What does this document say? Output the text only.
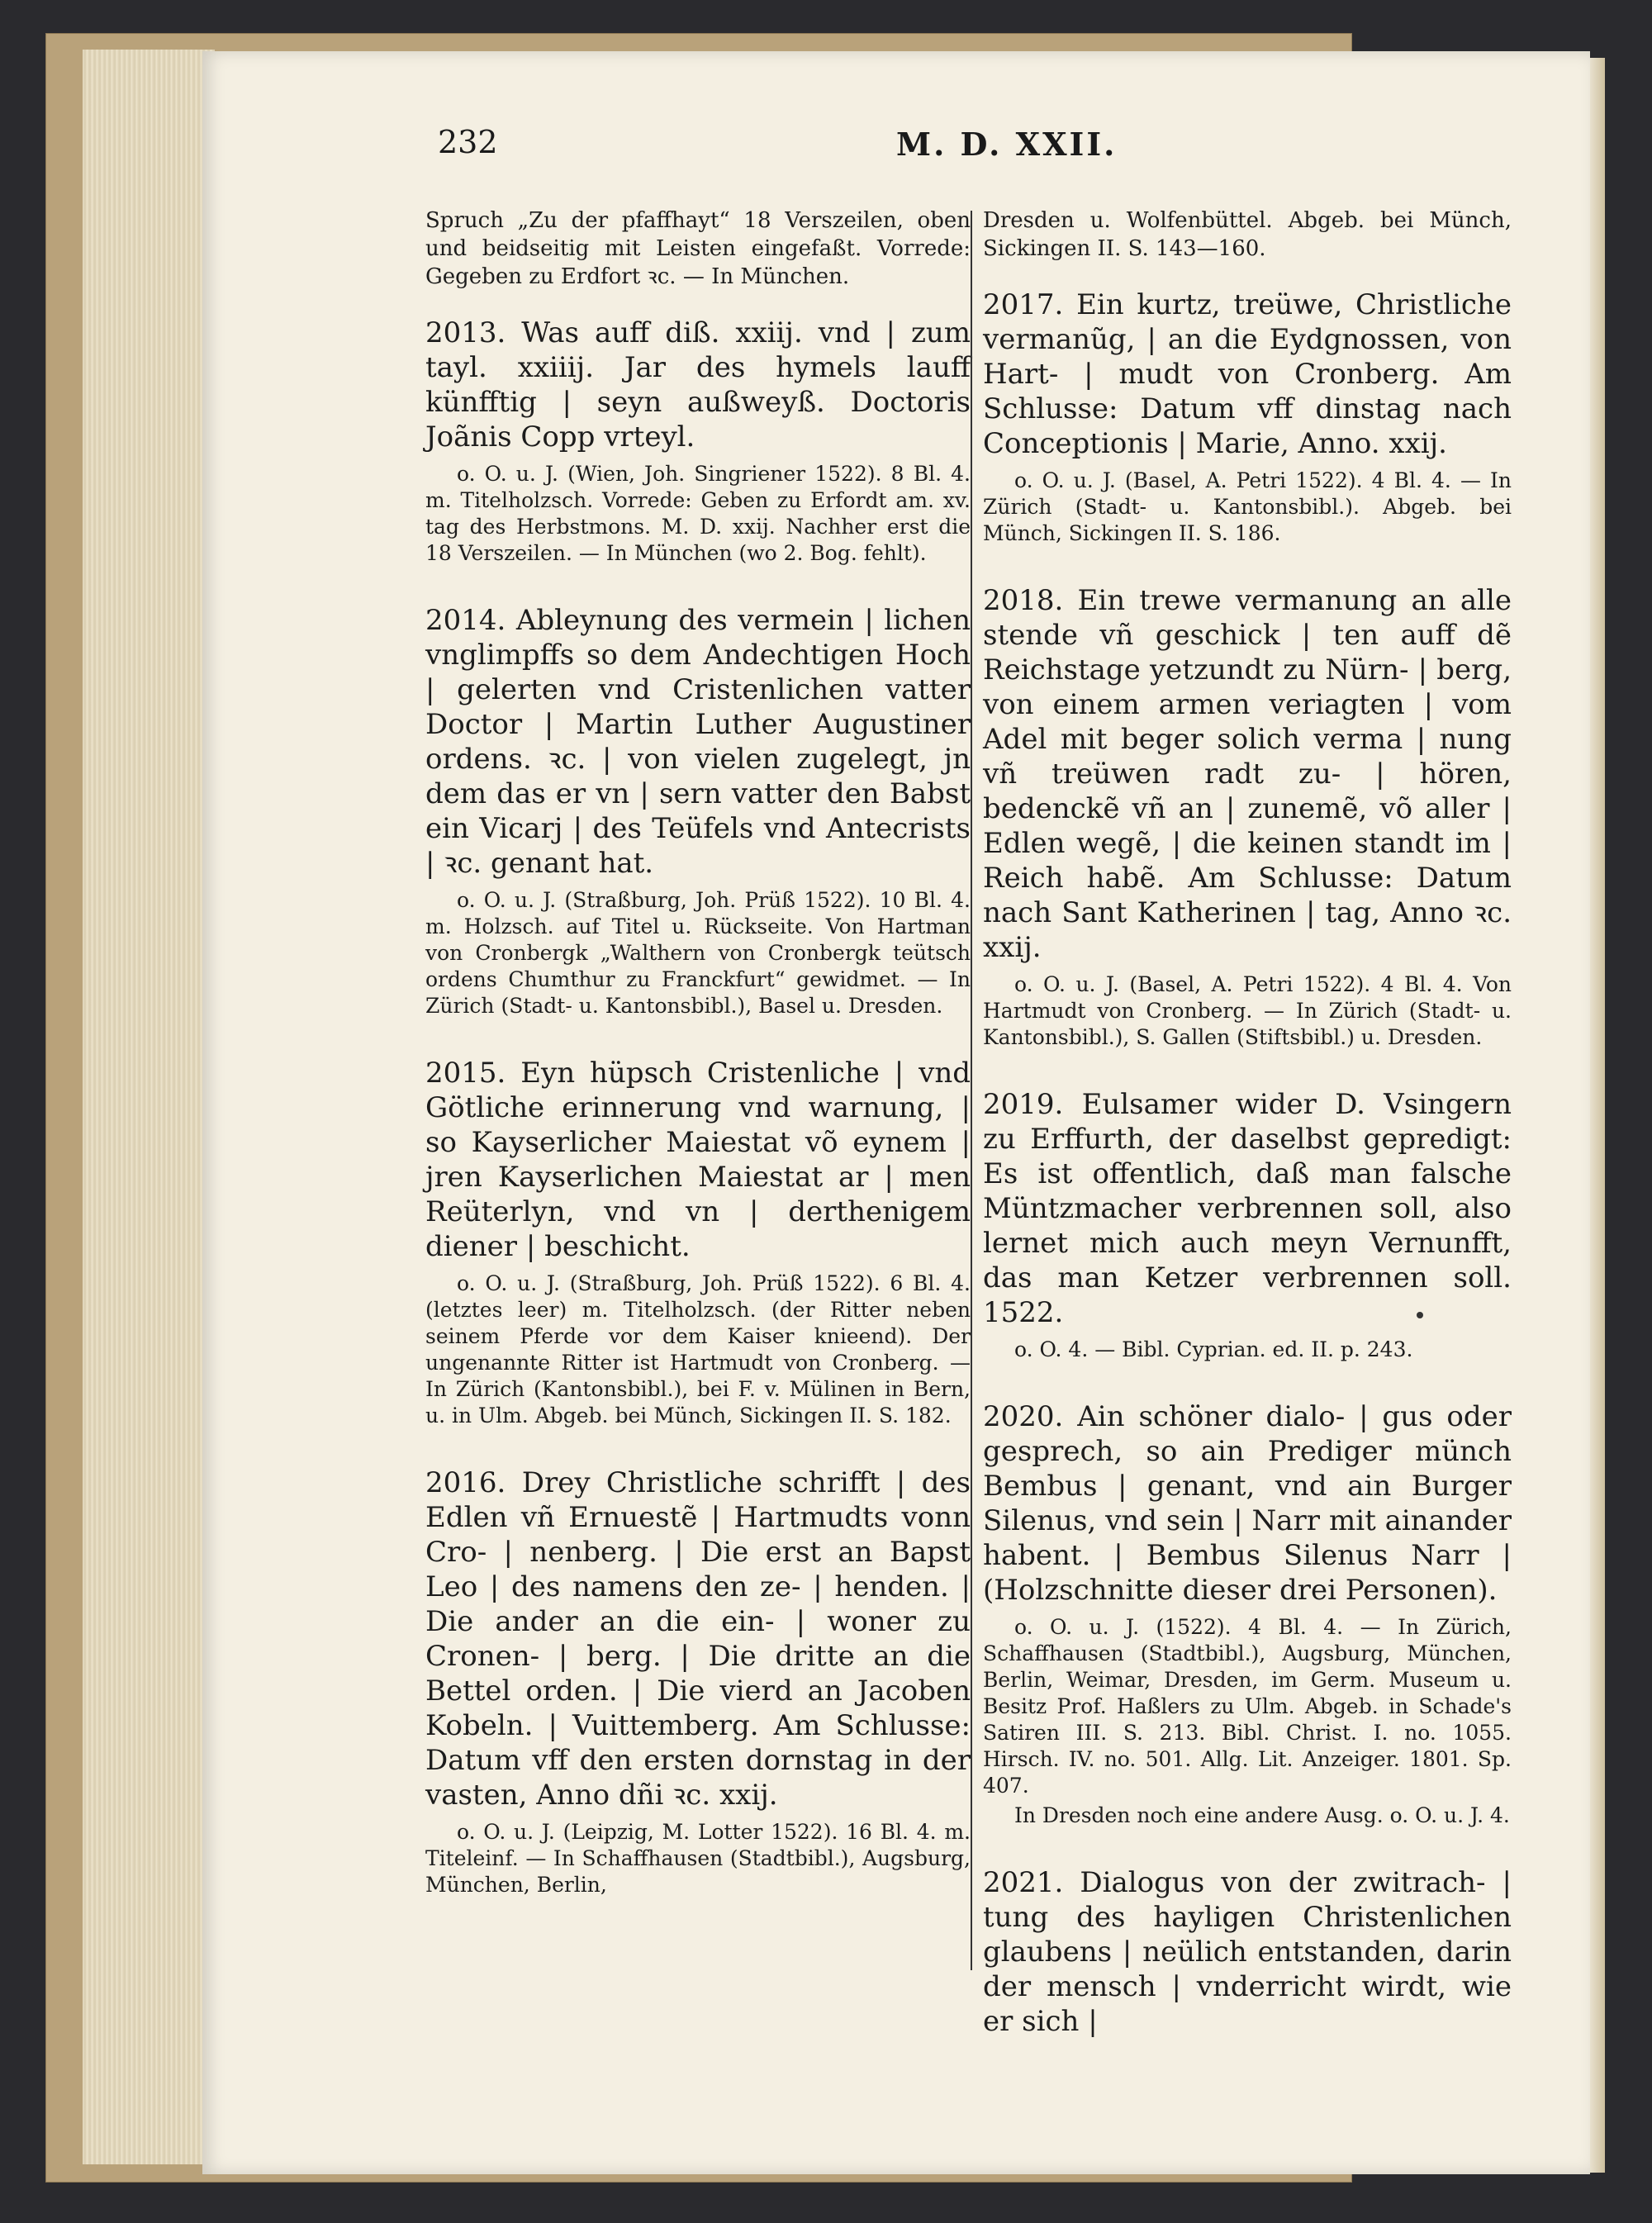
232	M. D. XXII.

Spruch „Zu der pfaffhayt“ 18 Verszeilen, oben und beidseitig mit Leisten eingefaßt. Vorrede: Gegeben zu Erdfort ꝛc. — In München.

2013. Was auff diß. xxiij. vnd | zum tayl. xxiiij. Jar des hymels lauff künfftig | seyn außweyß. Doctoris Joãnis Copp vrteyl.

o. O. u. J. (Wien, Joh. Singriener 1522). 8 Bl. 4. m. Titelholzsch. Vorrede: Geben zu Erfordt am. xv. tag des Herbstmons. M. D. xxij. Nachher erst die 18 Verszeilen. — In München (wo 2. Bog. fehlt).

2014. Ableynung des vermein | lichen vnglimpffs so dem Andechtigen Hoch | gelerten vnd Cristenlichen vatter Doctor | Martin Luther Augustiner ordens. ꝛc. | von vielen zugelegt, jn dem das er vn | sern vatter den Babst ein Vicarj | des Teüfels vnd Antecrists | ꝛc. genant hat.

o. O. u. J. (Straßburg, Joh. Prüß 1522). 10 Bl. 4. m. Holzsch. auf Titel u. Rückseite. Von Hartman von Cronbergk „Walthern von Cronbergk teütsch ordens Chumthur zu Franckfurt“ gewidmet. — In Zürich (Stadt- u. Kantonsbibl.), Basel u. Dresden.

2015. Eyn hüpsch Cristenliche | vnd Götliche erinnerung vnd warnung, | so Kayserlicher Maiestat võ eynem | jren Kayserlichen Maiestat ar | men Reüterlyn, vnd vn | derthenigem diener | beschicht.

o. O. u. J. (Straßburg, Joh. Prüß 1522). 6 Bl. 4. (letztes leer) m. Titelholzsch. (der Ritter neben seinem Pferde vor dem Kaiser knieend). Der ungenannte Ritter ist Hartmudt von Cronberg. — In Zürich (Kantonsbibl.), bei F. v. Mülinen in Bern, u. in Ulm. Abgeb. bei Münch, Sickingen II. S. 182.

2016. Drey Christliche schrifft | des Edlen vñ Ernuestẽ | Hartmudts vonn Cro- | nenberg. | Die erst an Bapst Leo | des namens den ze- | henden. | Die ander an die ein- | woner zu Cronen- | berg. | Die dritte an die Bettel orden. | Die vierd an Jacoben Kobeln. | Vuittemberg. Am Schlusse: Datum vff den ersten dornstag in der vasten, Anno dñi ꝛc. xxij.

o. O. u. J. (Leipzig, M. Lotter 1522). 16 Bl. 4. m. Titeleinf. — In Schaffhausen (Stadtbibl.), Augsburg, München, Berlin,

Dresden u. Wolfenbüttel. Abgeb. bei Münch, Sickingen II. S. 143—160.

2017. Ein kurtz, treüwe, Christliche vermanũg, | an die Eydgnossen, von Hart- | mudt von Cronberg. Am Schlusse: Datum vff dinstag nach Conceptionis | Marie, Anno. xxij.

o. O. u. J. (Basel, A. Petri 1522). 4 Bl. 4. — In Zürich (Stadt- u. Kantonsbibl.). Abgeb. bei Münch, Sickingen II. S. 186.

2018. Ein trewe vermanung an alle stende vñ geschick | ten auff dẽ Reichstage yetzundt zu Nürn- | berg, von einem armen veriagten | vom Adel mit beger solich verma | nung vñ treüwen radt zu- | hören, bedenckẽ vñ an | zunemẽ, võ aller | Edlen wegẽ, | die keinen standt im | Reich habẽ. Am Schlusse: Datum nach Sant Katherinen | tag, Anno ꝛc. xxij.

o. O. u. J. (Basel, A. Petri 1522). 4 Bl. 4. Von Hartmudt von Cronberg. — In Zürich (Stadt- u. Kantonsbibl.), S. Gallen (Stiftsbibl.) u. Dresden.

2019. Eulsamer wider D. Vsingern zu Erffurth, der daselbst gepredigt: Es ist offentlich, daß man falsche Müntzmacher verbrennen soll, also lernet mich auch meyn Vernunfft, das man Ketzer verbrennen soll. 1522.

o. O. 4. — Bibl. Cyprian. ed. II. p. 243.

2020. Ain schöner dialo- | gus oder gesprech, so ain Prediger münch Bembus | genant, vnd ain Burger Silenus, vnd sein | Narr mit ainander habent. | Bembus Silenus Narr | (Holzschnitte dieser drei Personen).

o. O. u. J. (1522). 4 Bl. 4. — In Zürich, Schaffhausen (Stadtbibl.), Augsburg, München, Berlin, Weimar, Dresden, im Germ. Museum u. Besitz Prof. Haßlers zu Ulm. Abgeb. in Schade's Satiren III. S. 213. Bibl. Christ. I. no. 1055. Hirsch. IV. no. 501. Allg. Lit. Anzeiger. 1801. Sp. 407.

In Dresden noch eine andere Ausg. o. O. u. J. 4.

2021. Dialogus von der zwitrach- | tung des hayligen Christenlichen glaubens | neülich entstanden, darin der mensch | vnderricht wirdt, wie er sich |
